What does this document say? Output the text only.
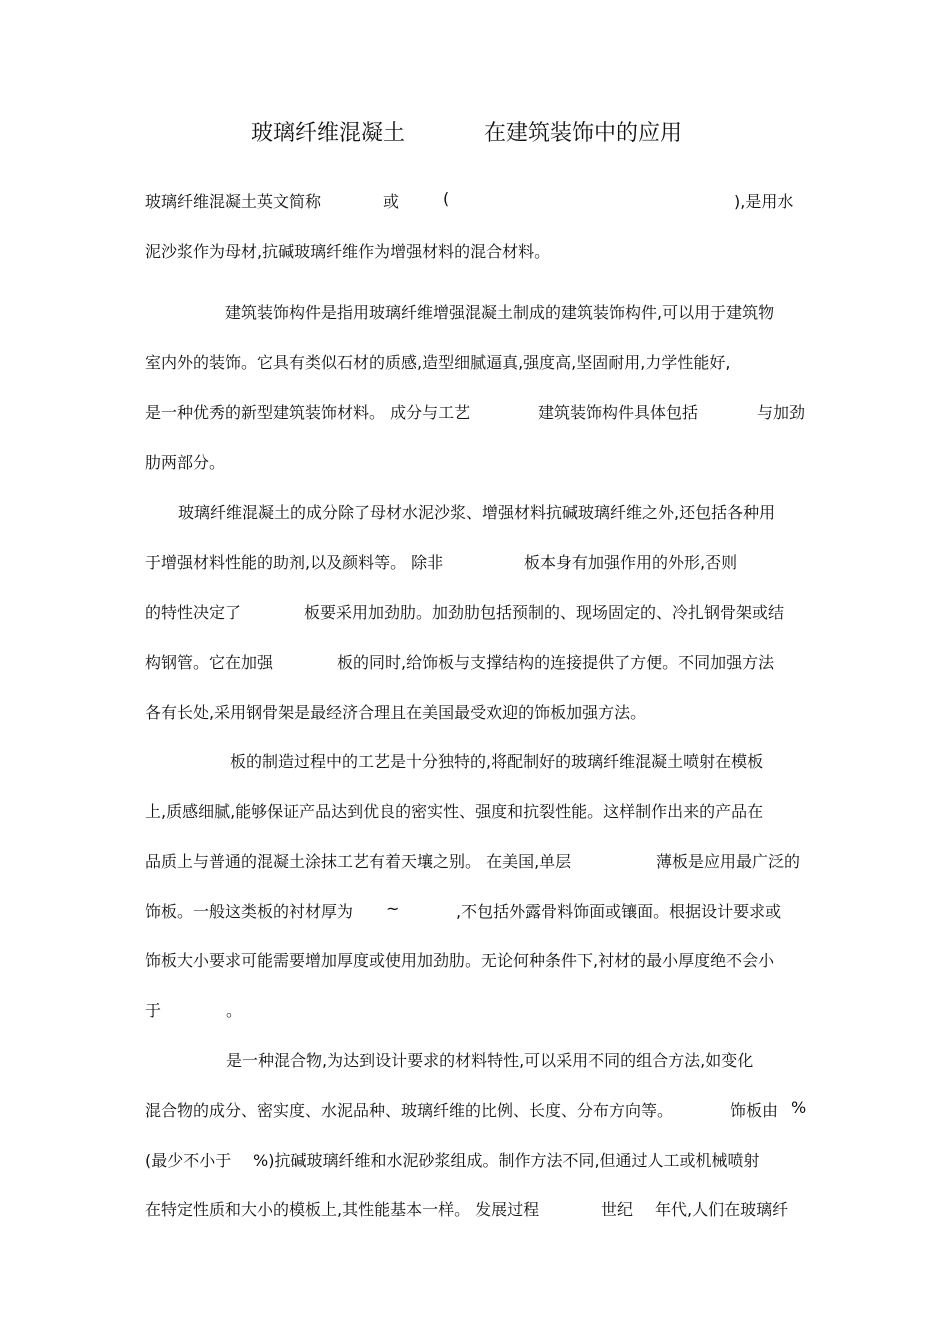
玻璃纤维混凝土	在建筑装饰中的应用
玻璃纤维混凝土英文简称	或	(	),是用水
泥沙浆作为母材,抗碱玻璃纤维作为增强材料的混合材料。
建筑装饰构件是指用玻璃纤维增强混凝土制成的建筑装饰构件,可以用于建筑物
室内外的装饰。它具有类似石材的质感,造型细腻逼真,强度高,坚固耐用,力学性能好,
是一种优秀的新型建筑装饰材料。 成分与工艺	建筑装饰构件具体包括	与加劲
肋两部分。
玻璃纤维混凝土的成分除了母材水泥沙浆、增强材料抗碱玻璃纤维之外,还包括各种用
于增强材料性能的助剂,以及颜料等。 除非	板本身有加强作用的外形,否则
的特性决定了	板要采用加劲肋。加劲肋包括预制的、现场固定的、冷扎钢骨架或结
构钢管。它在加强	板的同时,给饰板与支撑结构的连接提供了方便。不同加强方法
各有长处,采用钢骨架是最经济合理且在美国最受欢迎的饰板加强方法。
板的制造过程中的工艺是十分独特的,将配制好的玻璃纤维混凝土喷射在模板
上,质感细腻,能够保证产品达到优良的密实性、强度和抗裂性能。这样制作出来的产品在
品质上与普通的混凝土涂抹工艺有着天壤之别。 在美国,单层	薄板是应用最广泛的
饰板。一般这类板的衬材厚为 ~	,不包括外露骨料饰面或镶面。根据设计要求或
饰板大小要求可能需要增加厚度或使用加劲肋。无论何种条件下,衬材的最小厚度绝不会小
于	。
是一种混合物,为达到设计要求的材料特性,可以采用不同的组合方法,如变化
混合物的成分、密实度、水泥品种、玻璃纤维的比例、长度、分布方向等。	饰板由 %
(最少不小于 %)抗碱玻璃纤维和水泥砂浆组成。制作方法不同,但通过人工或机械喷射
在特定性质和大小的模板上,其性能基本一样。 发展过程	世纪 年代,人们在玻璃纤
